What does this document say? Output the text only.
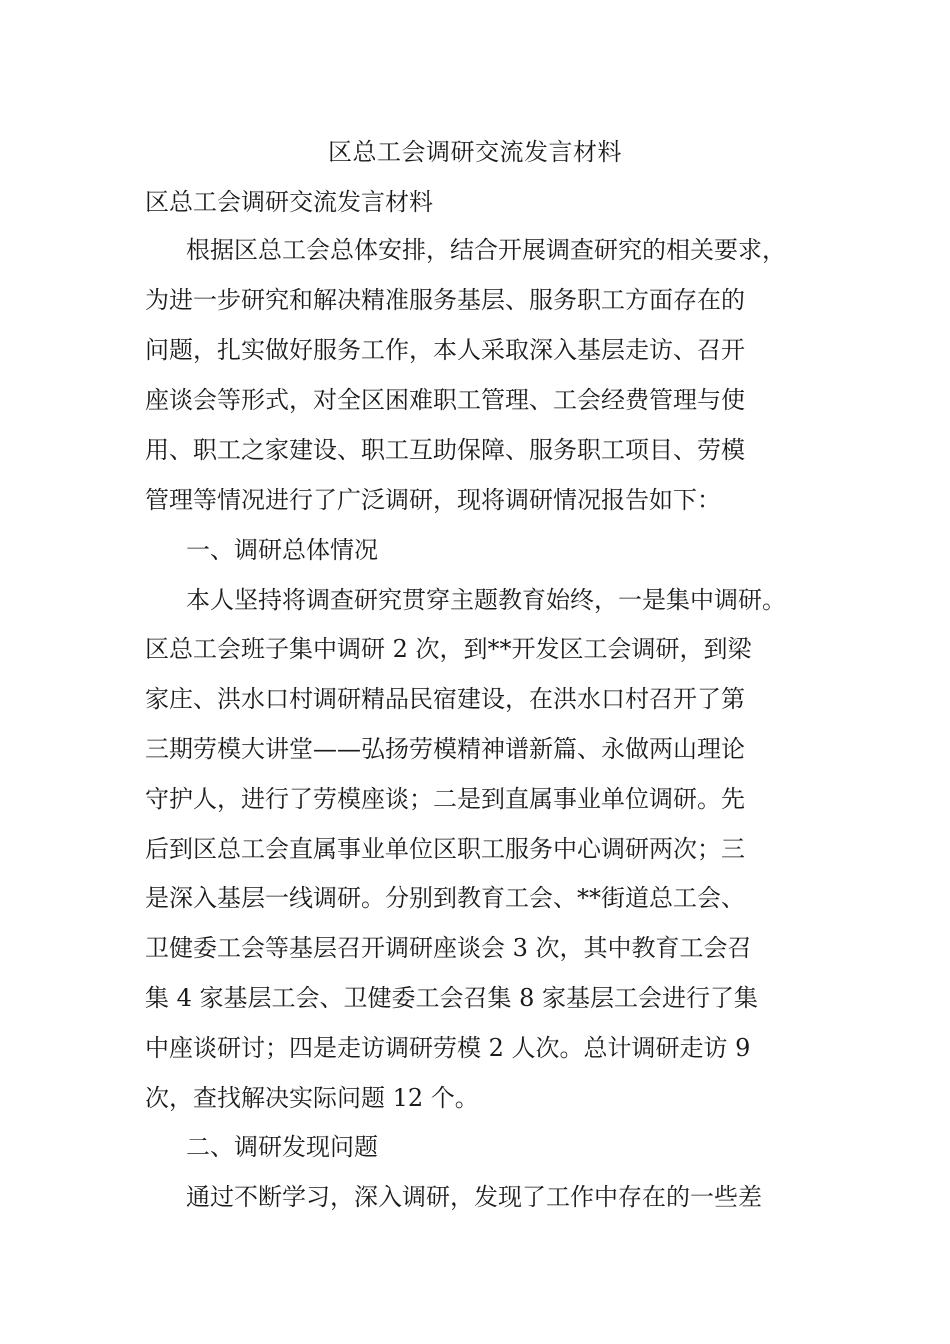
区总工会调研交流发言材料
区总工会调研交流发言材料
根据区总工会总体安排，结合开展调查研究的相关要求，
为进一步研究和解决精准服务基层、服务职工方面存在的
问题，扎实做好服务工作，本人采取深入基层走访、召开
座谈会等形式，对全区困难职工管理、工会经费管理与使
用、职工之家建设、职工互助保障、服务职工项目、劳模
管理等情况进行了广泛调研，现将调研情况报告如下：
一、调研总体情况
本人坚持将调查研究贯穿主题教育始终，一是集中调研。
区总工会班子集中调研 2 次，到**开发区工会调研，到梁
家庄、洪水口村调研精品民宿建设，在洪水口村召开了第
三期劳模大讲堂——弘扬劳模精神谱新篇、永做两山理论
守护人，进行了劳模座谈；二是到直属事业单位调研。先
后到区总工会直属事业单位区职工服务中心调研两次；三
是深入基层一线调研。分别到教育工会、**街道总工会、
卫健委工会等基层召开调研座谈会 3 次，其中教育工会召
集 4 家基层工会、卫健委工会召集 8 家基层工会进行了集
中座谈研讨；四是走访调研劳模 2 人次。总计调研走访 9
次，查找解决实际问题 12 个。
二、调研发现问题
通过不断学习，深入调研，发现了工作中存在的一些差
